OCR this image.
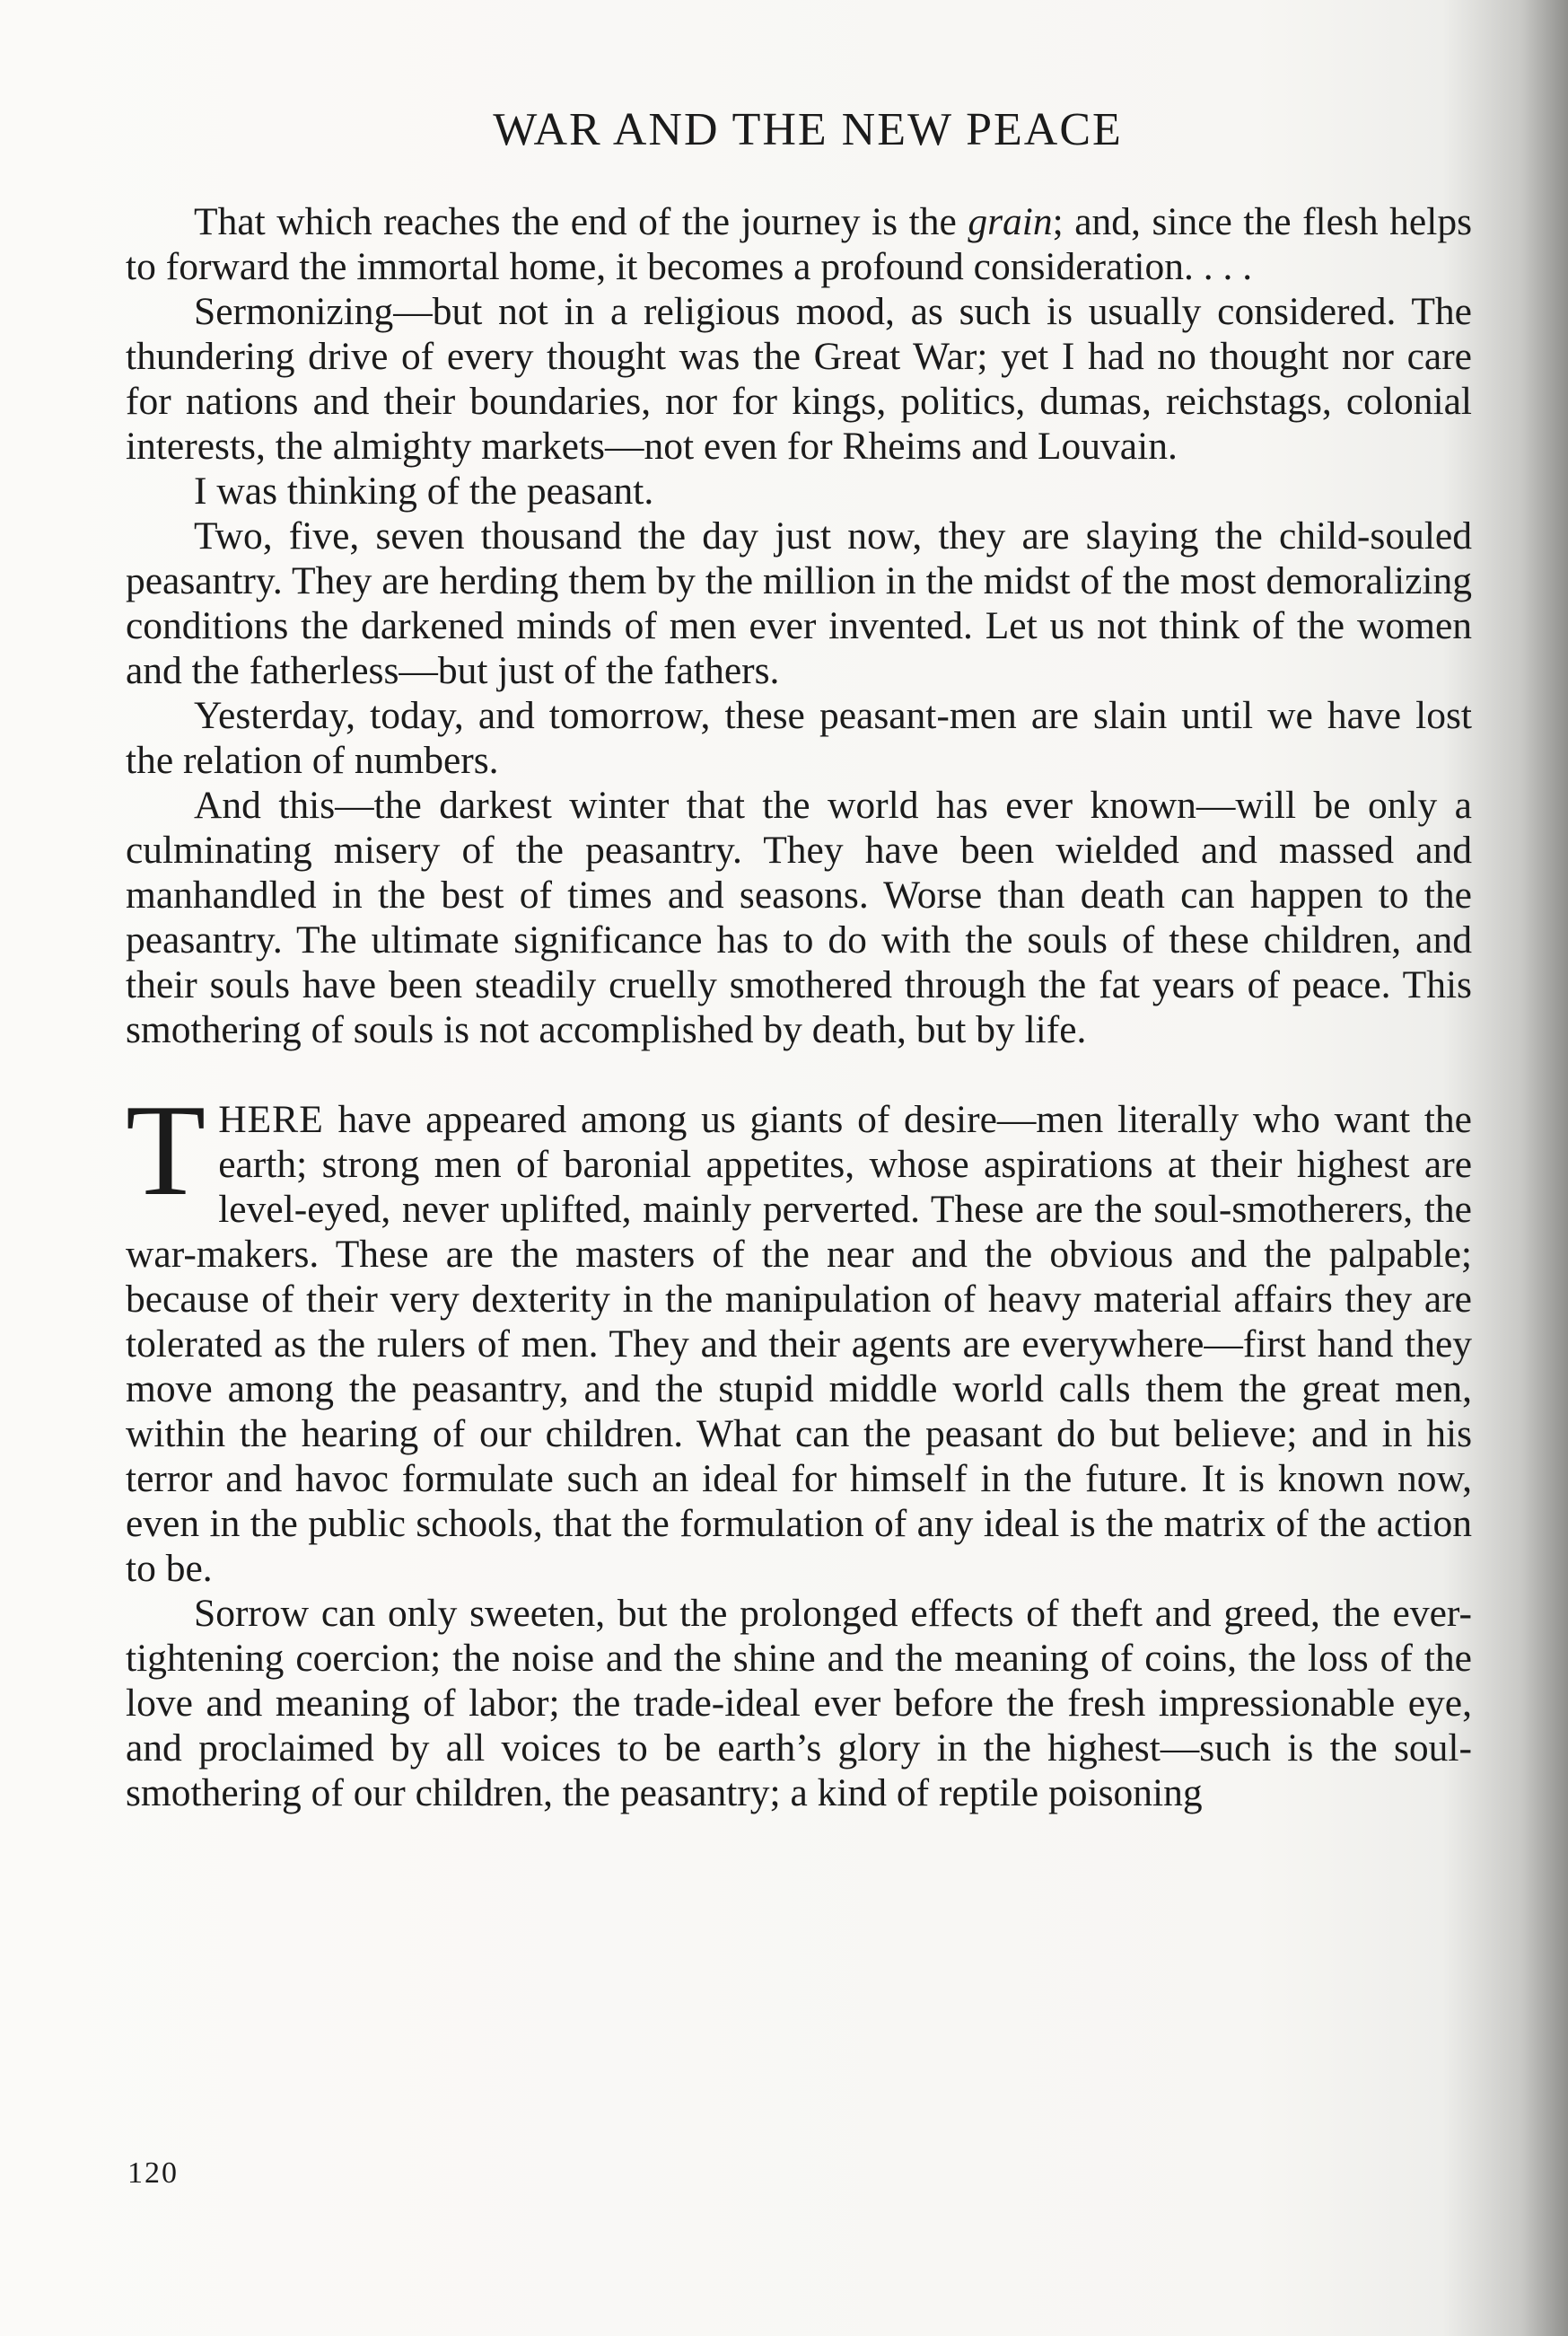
WAR AND THE NEW PEACE

That which reaches the end of the journey is the grain; and, since the flesh helps to forward the immortal home, it becomes a profound consideration. . . .

Sermonizing—but not in a religious mood, as such is usually considered. The thundering drive of every thought was the Great War; yet I had no thought nor care for nations and their boundaries, nor for kings, politics, dumas, reichstags, colonial interests, the almighty markets—not even for Rheims and Louvain.

I was thinking of the peasant.

Two, five, seven thousand the day just now, they are slaying the child-souled peasantry. They are herding them by the million in the midst of the most demoralizing conditions the darkened minds of men ever invented. Let us not think of the women and the fatherless—but just of the fathers.

Yesterday, today, and tomorrow, these peasant-men are slain until we have lost the relation of numbers.

And this—the darkest winter that the world has ever known—will be only a culminating misery of the peasantry. They have been wielded and massed and manhandled in the best of times and seasons. Worse than death can happen to the peasantry. The ultimate significance has to do with the souls of these children, and their souls have been steadily cruelly smothered through the fat years of peace. This smothering of souls is not accomplished by death, but by life.

THERE have appeared among us giants of desire—men literally who want the earth; strong men of baronial appetites, whose aspirations at their highest are level-eyed, never uplifted, mainly perverted. These are the soul-smotherers, the war-makers. These are the masters of the near and the obvious and the palpable; because of their very dexterity in the manipulation of heavy material affairs they are tolerated as the rulers of men. They and their agents are everywhere—first hand they move among the peasantry, and the stupid middle world calls them the great men, within the hearing of our children. What can the peasant do but believe; and in his terror and havoc formulate such an ideal for himself in the future. It is known now, even in the public schools, that the formulation of any ideal is the matrix of the action to be.

Sorrow can only sweeten, but the prolonged effects of theft and greed, the ever-tightening coercion; the noise and the shine and the meaning of coins, the loss of the love and meaning of labor; the trade-ideal ever before the fresh impressionable eye, and proclaimed by all voices to be earth’s glory in the highest—such is the soul-smothering of our children, the peasantry; a kind of reptile poisoning

120
